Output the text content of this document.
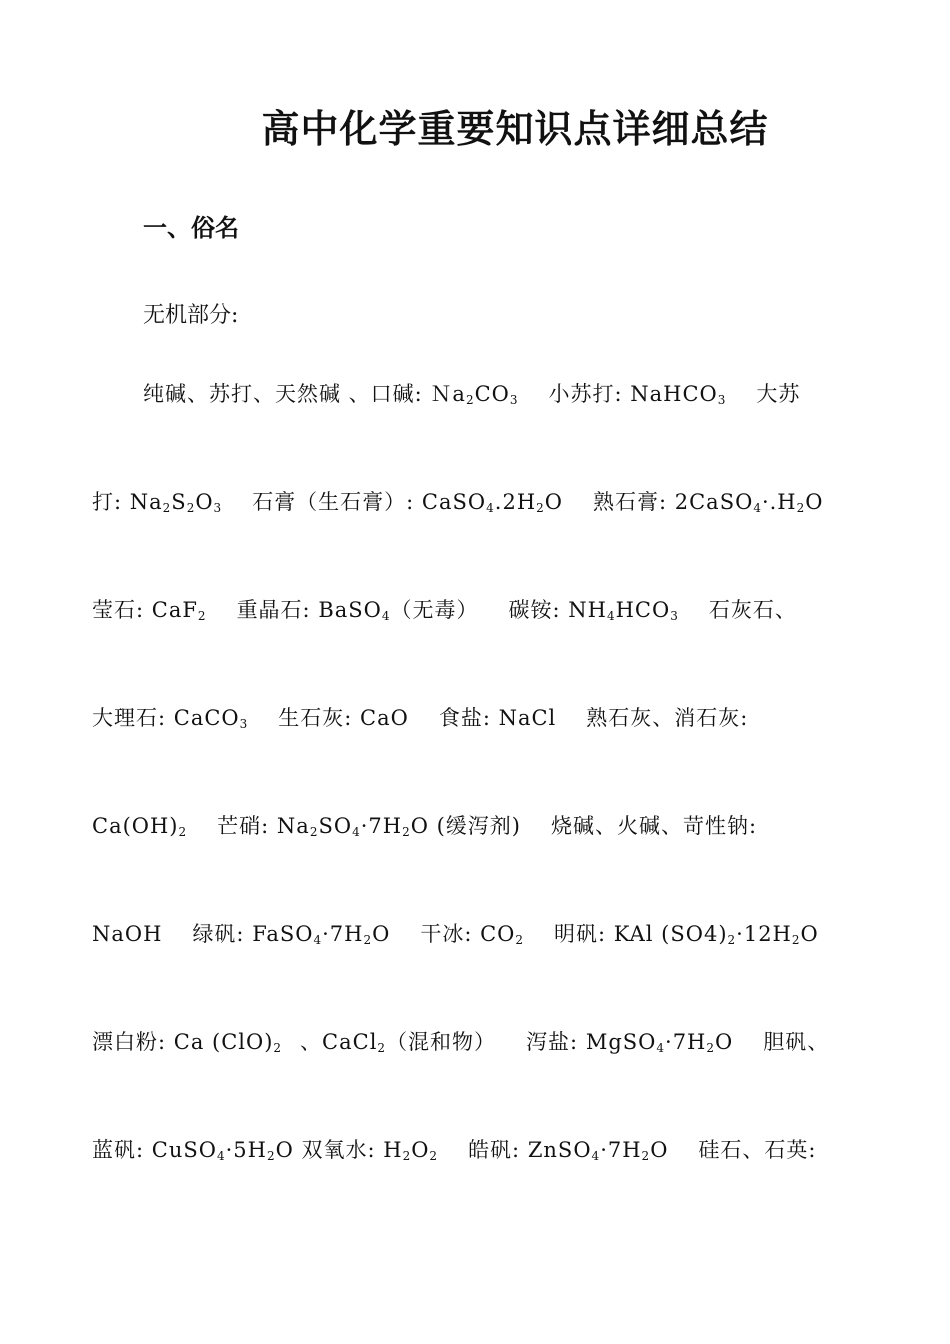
高中化学重要知识点详细总结
一、俗名
无机部分:
纯碱、苏打、天然碱 、口碱: $Na_2CO_3$ 小苏打: NaHCO$_3$ 大苏
打: $Na_2S_2O_3$ 石膏（生石膏）: $CaSO_4.2H_2O$ 熟石膏: $2CaSO_4\cdot.H_2O$
莹石: CaF$_2$ 重晶石: BaSO$_4$（无毒） 碳铵: $NH_4HCO_3$ 石灰石、
大理石: CaCO$_3$ 生石灰: CaO 食盐: NaCl 熟石灰、消石灰:
$Ca(OH)_2$ 芒硝: $Na_2SO_4\cdot 7H_2O$ (缓泻剂) 烧碱、火碱、苛性钠:
NaOH 绿矾: $FaSO_4\cdot 7H_2O$ 干冰: $CO_2$ 明矾: KAl $(SO4)_2\cdot 12H_2O$
漂白粉: Ca $(ClO)_2$ 、CaCl$_2$（混和物） 泻盐: $MgSO_4\cdot 7H_2O$ 胆矾、
蓝矾: $CuSO_4\cdot 5H_2O$ 双氧水: $H_2O_2$ 皓矾: $ZnSO_4\cdot 7H_2O$ 硅石、石英:
